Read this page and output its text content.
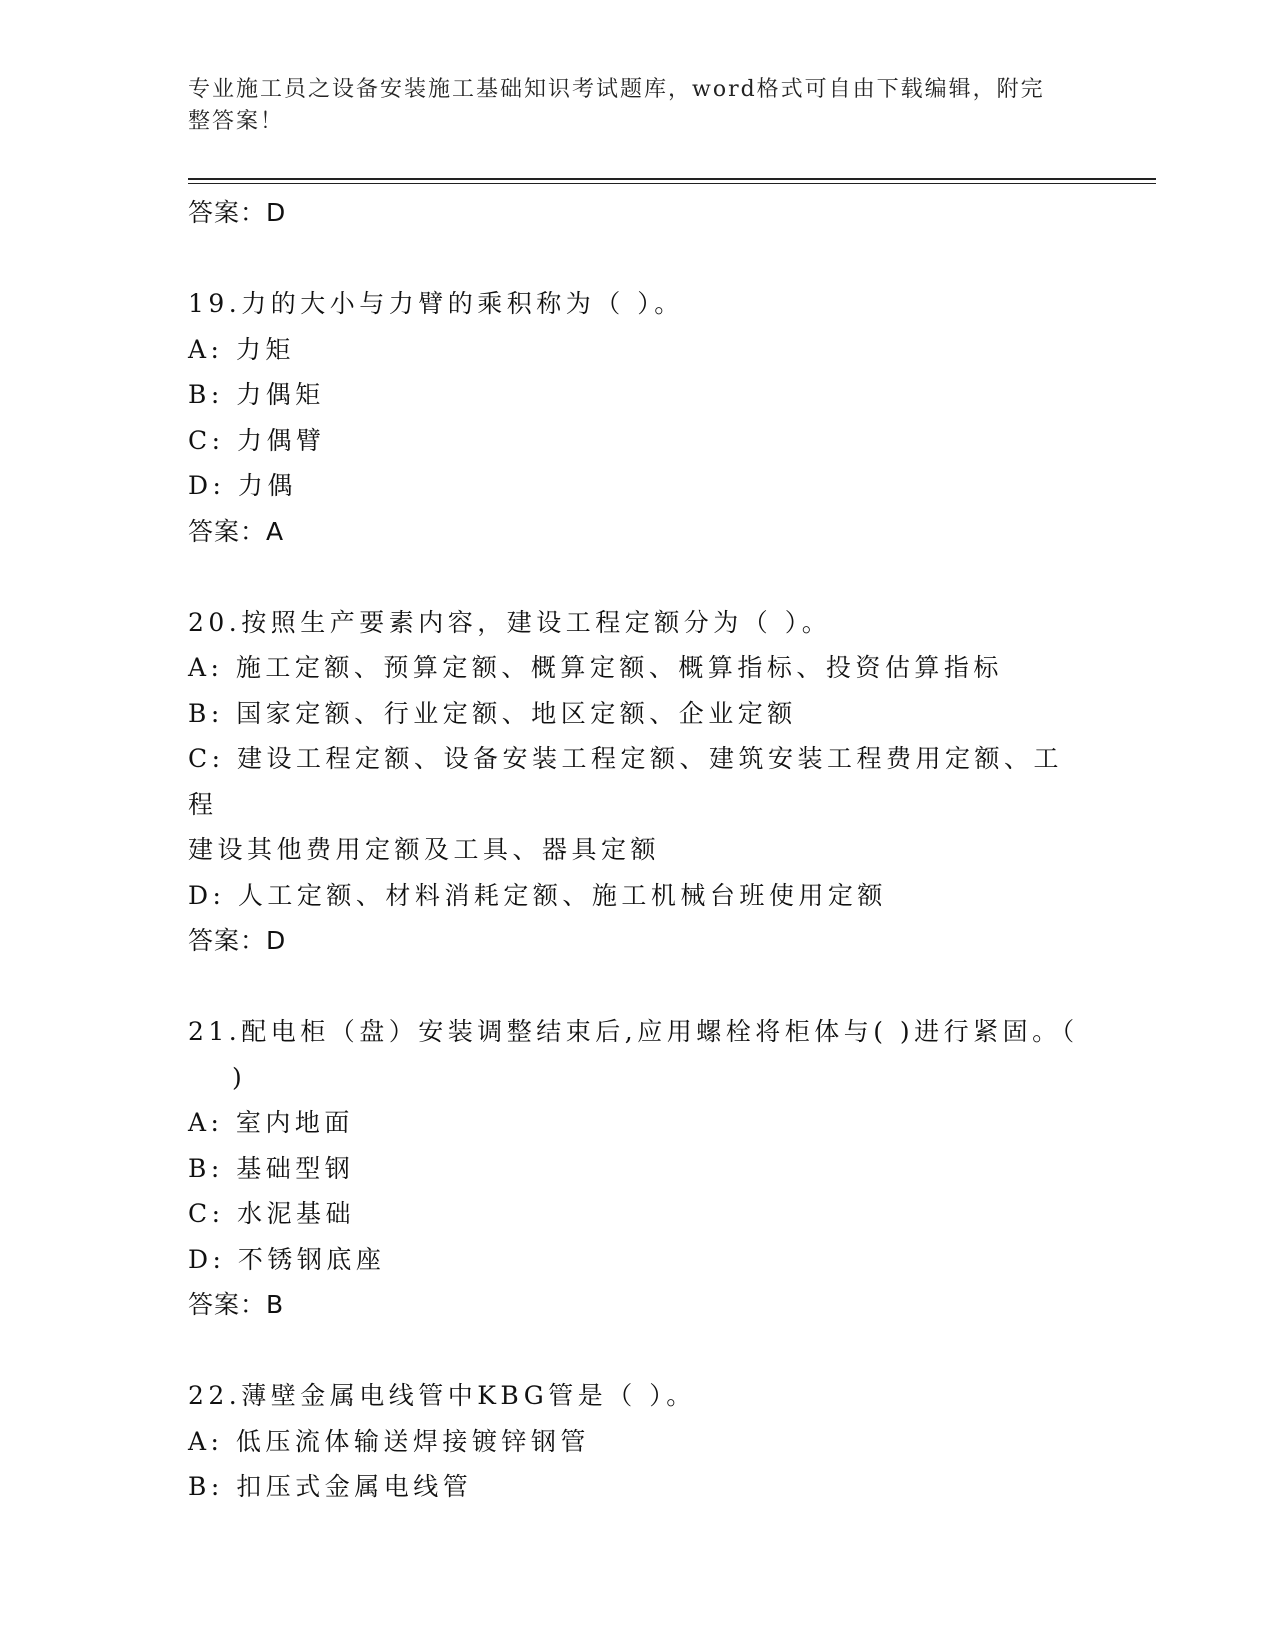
专业施工员之设备安装施工基础知识考试题库，word格式可自由下载编辑，附完
整答案！
答案：D
19.力的大小与力臂的乘积称为（ ）。
A: 力矩
B: 力偶矩
C: 力偶臂
D: 力偶
答案：A
20.按照生产要素内容，建设工程定额分为（ ）。
A: 施工定额、预算定额、概算定额、概算指标、投资估算指标
B: 国家定额、行业定额、地区定额、企业定额
C: 建设工程定额、设备安装工程定额、建筑安装工程费用定额、工程
建设其他费用定额及工具、器具定额
D: 人工定额、材料消耗定额、施工机械台班使用定额
答案：D
21.配电柜（盘）安装调整结束后,应用螺栓将柜体与( )进行紧固。（
)
A: 室内地面
B: 基础型钢
C: 水泥基础
D: 不锈钢底座
答案：B
22.薄壁金属电线管中KBG管是（ ）。
A: 低压流体输送焊接镀锌钢管
B: 扣压式金属电线管
